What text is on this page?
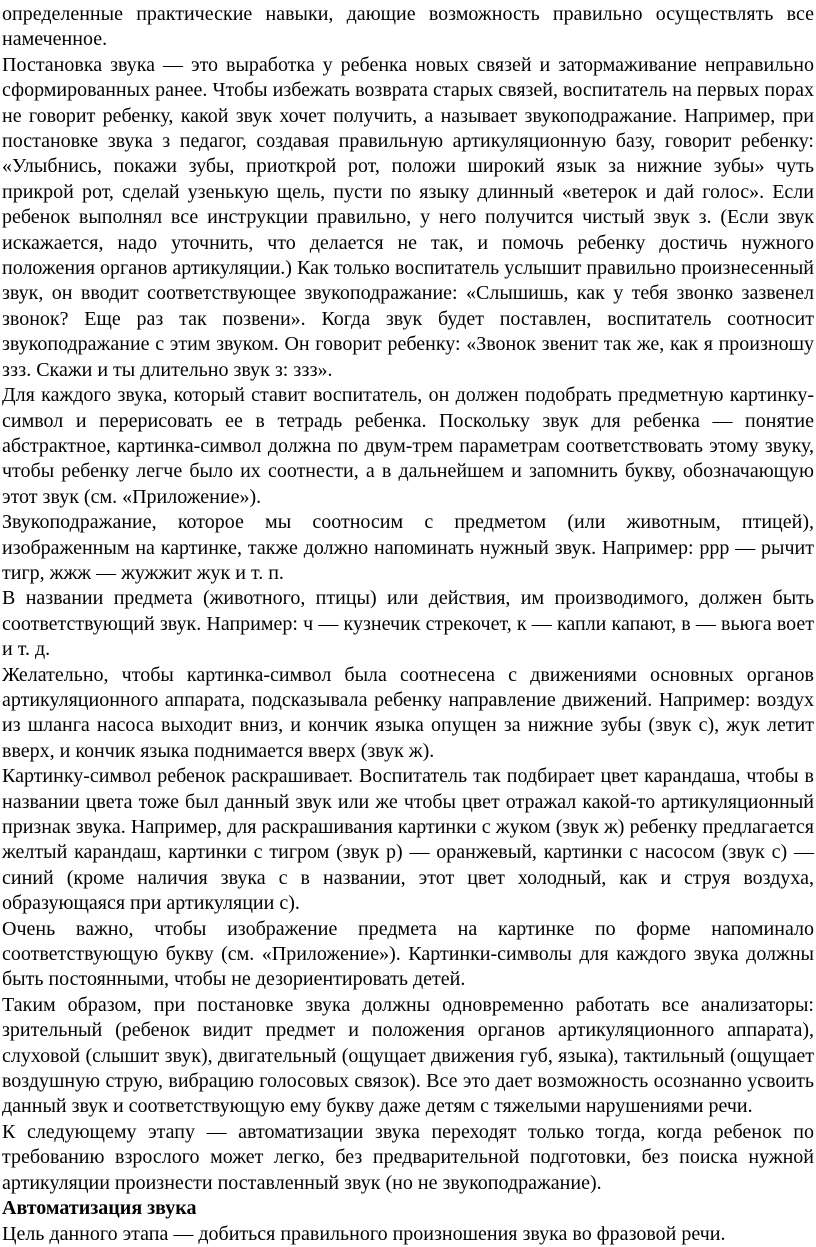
определенные практические навыки, дающие возможность правильно осуществлять все намеченное.

Постановка звука — это выработка у ребенка новых связей и затормаживание неправильно сформированных ранее. Чтобы избежать возврата старых связей, воспитатель на первых порах не говорит ребенку, какой звук хочет получить, а называет звукоподражание. Например, при постановке звука з педагог, создавая правильную артикуляционную базу, говорит ребенку: «Улыбнись, покажи зубы, приоткрой рот, положи широкий язык за нижние зубы» чуть прикрой рот, сделай узенькую щель, пусти по языку длинный «ветерок и дай голос». Если ребенок выполнял все инструкции правильно, у него получится чистый звук з. (Если звук искажается, надо уточнить, что делается не так, и помочь ребенку достичь нужного положения органов артикуляции.) Как только воспитатель услышит правильно произнесенный звук, он вводит соответствующее звукоподражание: «Слышишь, как у тебя звонко зазвенел звонок? Еще раз так позвени». Когда звук будет поставлен, воспитатель соотносит звукоподражание с этим звуком. Он говорит ребенку: «Звонок звенит так же, как я произношу ззз. Скажи и ты длительно звук з: ззз».

Для каждого звука, который ставит воспитатель, он должен подобрать предметную картинку-символ и перерисовать ее в тетрадь ребенка. Поскольку звук для ребенка — понятие абстрактное, картинка-символ должна по двум-трем параметрам соответствовать этому звуку, чтобы ребенку легче было их соотнести, а в дальнейшем и запомнить букву, обозначающую этот звук (см. «Приложение»).

Звукоподражание, которое мы соотносим с предметом (или животным, птицей), изображенным на картинке, также должно напоминать нужный звук. Например: ррр — рычит тигр, жжж — жужжит жук и т. п.

В названии предмета (животного, птицы) или действия, им производимого, должен быть соответствующий звук. Например: ч — кузнечик стрекочет, к — капли капают, в — вьюга воет и т. д.

Желательно, чтобы картинка-символ была соотнесена с движениями основных органов артикуляционного аппарата, подсказывала ребенку направление движений. Например: воздух из шланга насоса выходит вниз, и кончик языка опущен за нижние зубы (звук с), жук летит вверх, и кончик языка поднимается вверх (звук ж).

Картинку-символ ребенок раскрашивает. Воспитатель так подбирает цвет карандаша, чтобы в названии цвета тоже был данный звук или же чтобы цвет отражал какой-то артикуляционный признак звука. Например, для раскрашивания картинки с жуком (звук ж) ребенку предлагается желтый карандаш, картинки с тигром (звук р) — оранжевый, картинки с насосом (звук с) — синий (кроме наличия звука с в названии, этот цвет холодный, как и струя воздуха, образующаяся при артикуляции с).

Очень важно, чтобы изображение предмета на картинке по форме напоминало соответствующую букву (см. «Приложение»). Картинки-символы для каждого звука должны быть постоянными, чтобы не дезориентировать детей.

Таким образом, при постановке звука должны одновременно работать все анализаторы: зрительный (ребенок видит предмет и положения органов артикуляционного аппарата), слуховой (слышит звук), двигательный (ощущает движения губ, языка), тактильный (ощущает воздушную струю, вибрацию голосовых связок). Все это дает возможность осознанно усвоить данный звук и соответствующую ему букву даже детям с тяжелыми нарушениями речи.

К следующему этапу — автоматизации звука переходят только тогда, когда ребенок по требованию взрослого может легко, без предварительной подготовки, без поиска нужной артикуляции произнести поставленный звук (но не звукоподражание).

Автоматизация звука

Цель данного этапа — добиться правильного произношения звука во фразовой речи.
